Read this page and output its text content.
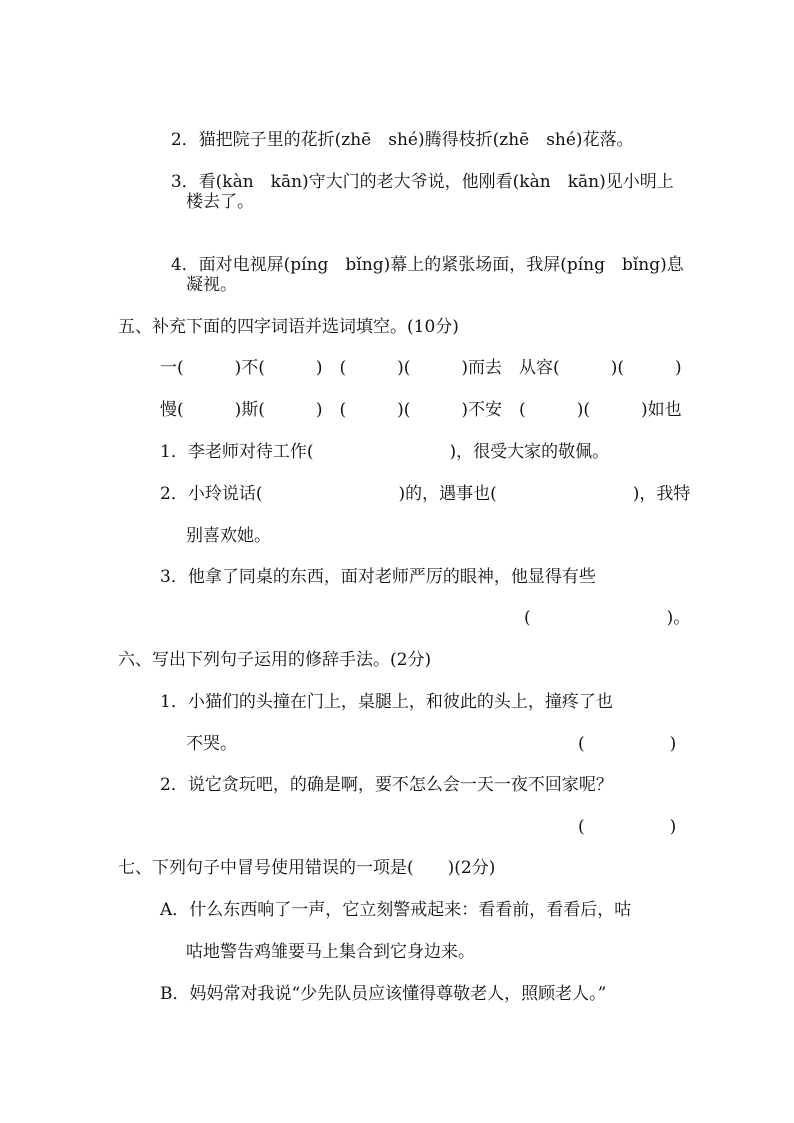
2．猫把院子里的花折(zhē　shé)腾得枝折(zhē　shé)花落。

3．看(kàn　kān)守大门的老大爷说，他刚看(kàn　kān)见小明上

楼去了。

4．面对电视屏(píng　bǐng)幕上的紧张场面，我屏(píng　bǐng)息

凝视。
五、补充下面的四字词语并选词填空。(10分)
一(　　　)不(　　　)　(　　　)(　　　)而去　从容(　　　)(　　　)
慢(　　　)斯(　　　)　(　　　)(　　　)不安　(　　　)(　　　)如也
1．李老师对待工作(　　　　　　　　)，很受大家的敬佩。
2．小玲说话(　　　　　　　　)的，遇事也(　　　　　　　　)，我特
别喜欢她。
3．他拿了同桌的东西，面对老师严厉的眼神，他显得有些
(　　　　　　　　)。
六、写出下列句子运用的修辞手法。(2分)
1．小猫们的头撞在门上，桌腿上，和彼此的头上，撞疼了也
不哭。	(　　　　　)
2．说它贪玩吧，的确是啊，要不怎么会一天一夜不回家呢？
(　　　　　)
七、下列句子中冒号使用错误的一项是(　　)(2分)
A．什么东西响了一声，它立刻警戒起来：看看前，看看后，咕
咕地警告鸡雏要马上集合到它身边来。
B．妈妈常对我说“少先队员应该懂得尊敬老人，照顾老人。”
